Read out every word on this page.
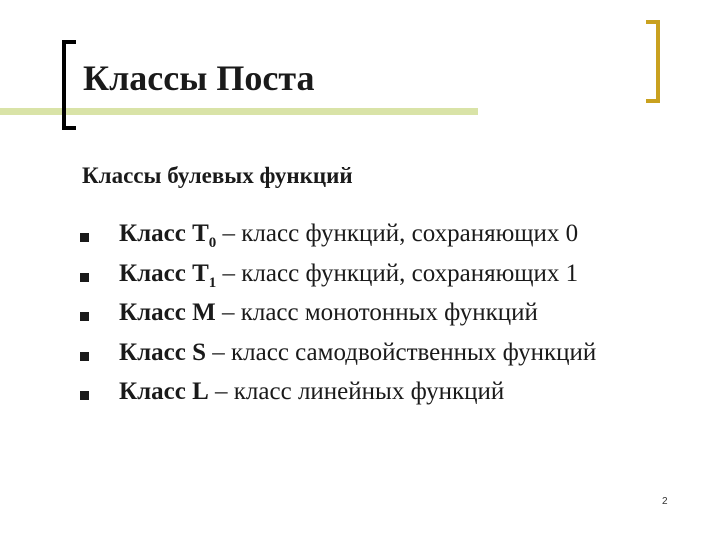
Классы Поста
Классы булевых функций
Класс $T_0$ – класс функций, сохраняющих 0
Класс $T_1$ – класс функций, сохраняющих 1
Класс M – класс монотонных функций
Класс S – класс самодвойственных функций
Класс L – класс линейных функций
2
